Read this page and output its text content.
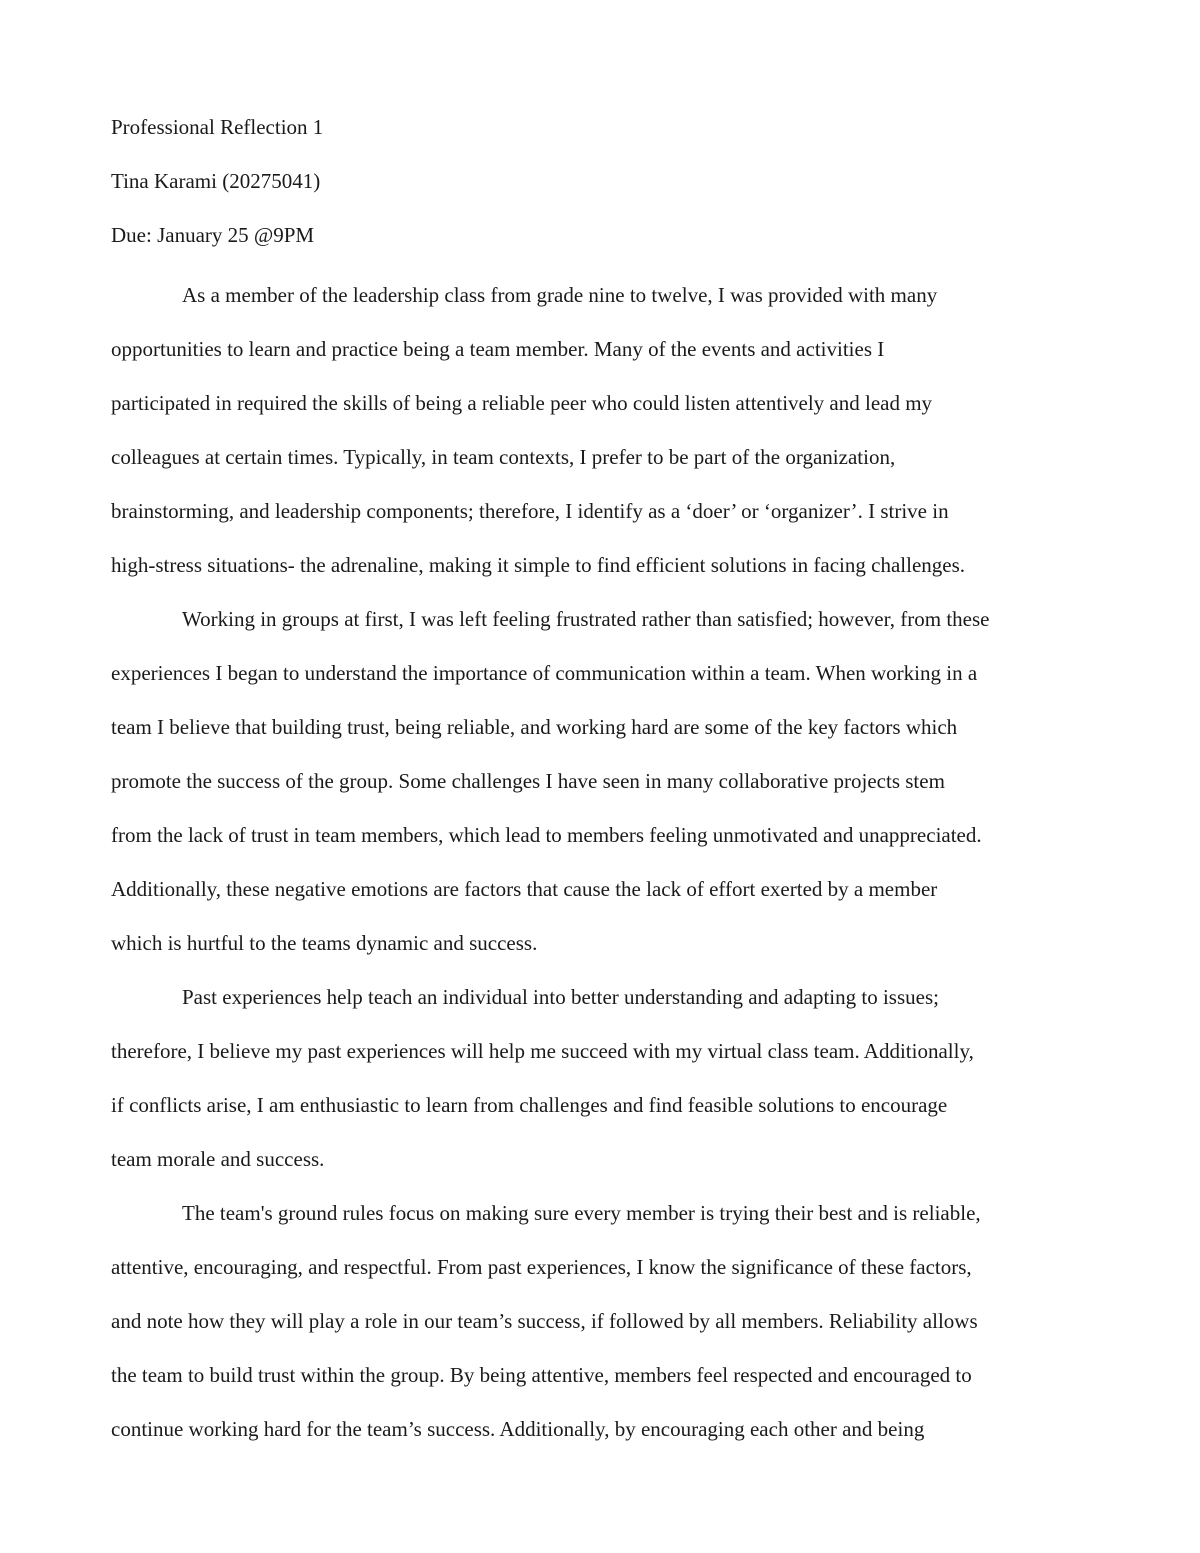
Professional Reflection 1

Tina Karami (20275041)

Due: January 25 @9PM

As a member of the leadership class from grade nine to twelve, I was provided with many
opportunities to learn and practice being a team member. Many of the events and activities I
participated in required the skills of being a reliable peer who could listen attentively and lead my
colleagues at certain times. Typically, in team contexts, I prefer to be part of the organization,
brainstorming, and leadership components; therefore, I identify as a ‘doer’ or ‘organizer’. I strive in
high-stress situations- the adrenaline, making it simple to find efficient solutions in facing challenges.
Working in groups at first, I was left feeling frustrated rather than satisfied; however, from these
experiences I began to understand the importance of communication within a team. When working in a
team I believe that building trust, being reliable, and working hard are some of the key factors which
promote the success of the group. Some challenges I have seen in many collaborative projects stem
from the lack of trust in team members, which lead to members feeling unmotivated and unappreciated.
Additionally, these negative emotions are factors that cause the lack of effort exerted by a member
which is hurtful to the teams dynamic and success.
Past experiences help teach an individual into better understanding and adapting to issues;
therefore, I believe my past experiences will help me succeed with my virtual class team. Additionally,
if conflicts arise, I am enthusiastic to learn from challenges and find feasible solutions to encourage
team morale and success.
The team's ground rules focus on making sure every member is trying their best and is reliable,
attentive, encouraging, and respectful. From past experiences, I know the significance of these factors,
and note how they will play a role in our team’s success, if followed by all members. Reliability allows
the team to build trust within the group. By being attentive, members feel respected and encouraged to
continue working hard for the team’s success. Additionally, by encouraging each other and being
